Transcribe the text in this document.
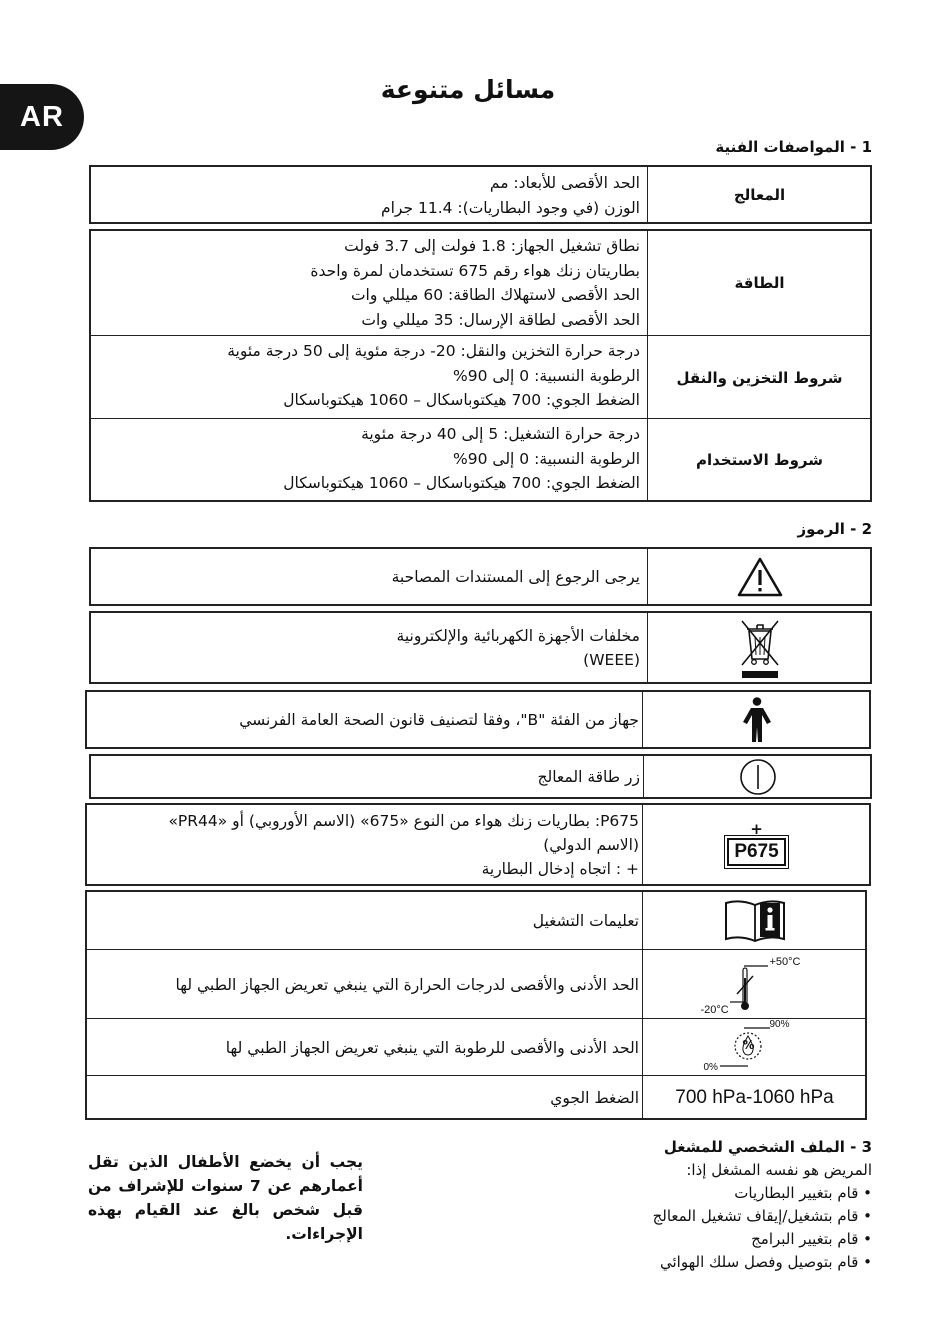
AR
مسائل متنوعة
1 - المواصفات الفنية
المعالج
الحد الأقصى للأبعاد: مم
الوزن (في وجود البطاريات): 11.4 جرام
الطاقة
نطاق تشغيل الجهاز: 1.8 فولت إلى 3.7 فولت
بطاريتان زنك هواء رقم 675 تستخدمان لمرة واحدة
الحد الأقصى لاستهلاك الطاقة: 60 ميللي وات
الحد الأقصى لطاقة الإرسال: 35 ميللي وات
شروط التخزين والنقل
درجة حرارة التخزين والنقل: 20- درجة مئوية إلى 50 درجة مئوية
الرطوبة النسبية: 0 إلى 90%
الضغط الجوي: 700 هيكتوباسكال – 1060 هيكتوباسكال
شروط الاستخدام
درجة حرارة التشغيل: 5 إلى 40 درجة مئوية
الرطوبة النسبية: 0 إلى 90%
الضغط الجوي: 700 هيكتوباسكال – 1060 هيكتوباسكال
2 - الرموز
يرجى الرجوع إلى المستندات المصاحبة
مخلفات الأجهزة الكهربائية والإلكترونية
(WEEE)
جهاز من الفئة "B"، وفقا لتصنيف قانون الصحة العامة الفرنسي
زر طاقة المعالج
+
P675
P675: بطاريات زنك هواء من النوع «675» (الاسم الأوروبي) أو «PR44»
(الاسم الدولي)
+ : اتجاه إدخال البطارية
تعليمات التشغيل
+50°C
-20°C
الحد الأدنى والأقصى لدرجات الحرارة التي ينبغي تعريض الجهاز الطبي لها
%
90%
0%
الحد الأدنى والأقصى للرطوبة التي ينبغي تعريض الجهاز الطبي لها
700 hPa-1060 hPa
الضغط الجوي
يجب أن يخضع الأطفال الذين تقل أعمارهم عن 7 سنوات للإشراف من قبل شخص بالغ عند القيام بهذه الإجراءات.
3 - الملف الشخصي للمشغل
المريض هو نفسه المشغل إذا:
• قام بتغيير البطاريات
• قام بتشغيل/إيقاف تشغيل المعالج
• قام بتغيير البرامج
• قام بتوصيل وفصل سلك الهوائي
